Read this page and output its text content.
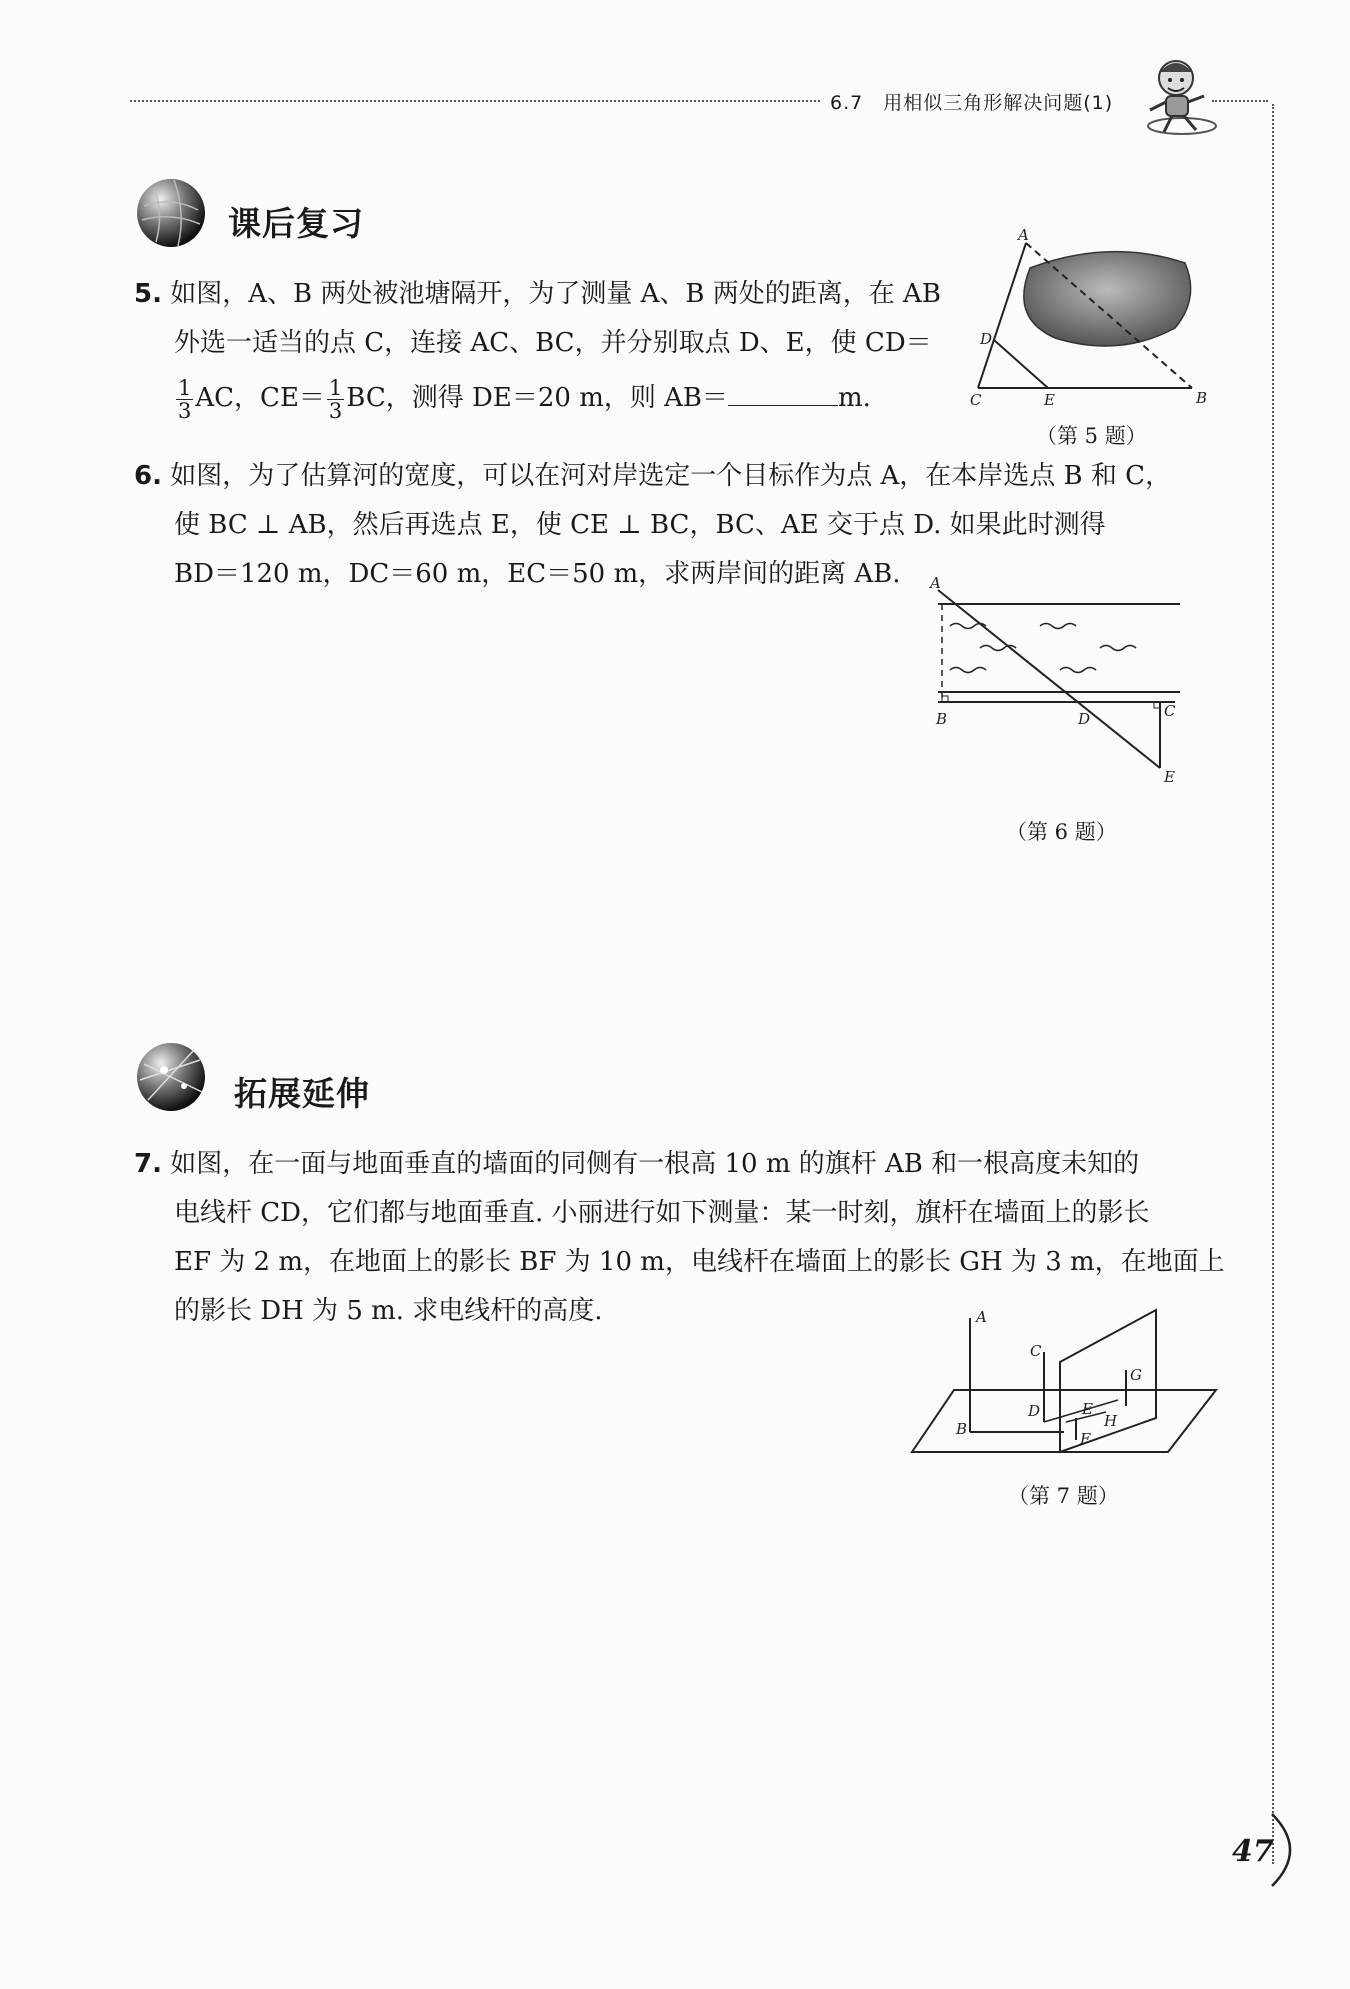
6.7　用相似三角形解决问题(1)
课后复习
5. 如图，A、B 两处被池塘隔开，为了测量 A、B 两处的距离，在 AB
外选一适当的点 C，连接 AC、BC，并分别取点 D、E，使 CD＝
$\frac{1}{3}$ AC，$CE= \frac{1}{3}$ BC，测得 DE＝20 m，则 AB＝	m.
A
B
C
D
E
（第 5 题）
6. 如图，为了估算河的宽度，可以在河对岸选定一个目标作为点 A，在本岸选点 B 和 C，
使 BC ⊥ AB，然后再选点 E，使 CE ⊥ BC，BC、AE 交于点 D. 如果此时测得
BD＝120 m，DC＝60 m，EC＝50 m，求两岸间的距离 AB.	A
B	C
D
E
（第 6 题）
拓展延伸
7. 如图，在一面与地面垂直的墙面的同侧有一根高 10 m 的旗杆 AB 和一根高度未知的
电线杆 CD，它们都与地面垂直. 小丽进行如下测量：某一时刻，旗杆在墙面上的影长
EF 为 2 m，在地面上的影长 BF 为 10 m，电线杆在墙面上的影长 GH 为 3 m，在地面上
的影长 DH 为 5 m. 求电线杆的高度.	A
B
C
D	E
F
G
H
（第 7 题）
47
